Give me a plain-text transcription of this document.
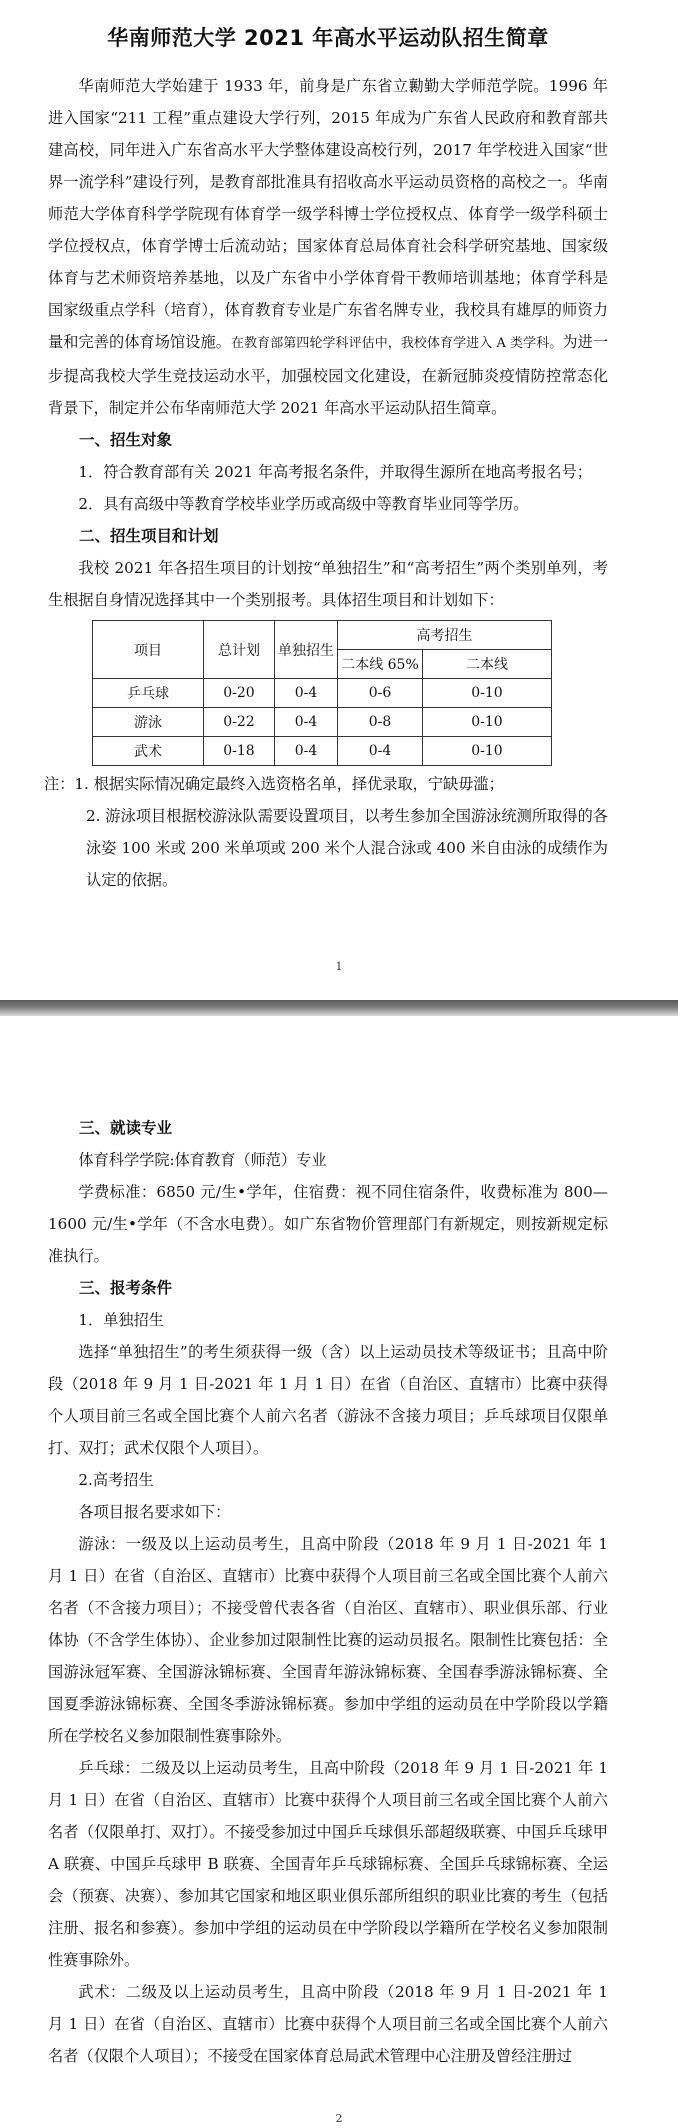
华南师范大学 2021 年高水平运动队招生简章

华南师范大学始建于 1933 年，前身是广东省立勷勤大学师范学院。1996 年进入国家“211 工程”重点建设大学行列，2015 年成为广东省人民政府和教育部共建高校，同年进入广东省高水平大学整体建设高校行列，2017 年学校进入国家“世界一流学科”建设行列，是教育部批准具有招收高水平运动员资格的高校之一。华南师范大学体育科学学院现有体育学一级学科博士学位授权点、体育学一级学科硕士学位授权点，体育学博士后流动站；国家体育总局体育社会科学研究基地、国家级体育与艺术师资培养基地，以及广东省中小学体育骨干教师培训基地；体育学科是国家级重点学科（培育），体育教育专业是广东省名牌专业，我校具有雄厚的师资力量和完善的体育场馆设施。在教育部第四轮学科评估中，我校体育学进入 A 类学科。为进一步提高我校大学生竞技运动水平，加强校园文化建设，在新冠肺炎疫情防控常态化背景下，制定并公布华南师范大学 2021 年高水平运动队招生简章。

一、招生对象

1．符合教育部有关 2021 年高考报名条件，并取得生源所在地高考报名号；

2．具有高级中等教育学校毕业学历或高级中等教育毕业同等学历。

二、招生项目和计划

我校 2021 年各招生项目的计划按“单独招生”和“高考招生”两个类别单列，考生根据自身情况选择其中一个类别报考。具体招生项目和计划如下：

项目	总计划	单独招生	高考招生	
			二本线 65%	二本线
乒乓球	0-20	0-4	0-6	0-10
游泳	0-22	0-4	0-8	0-10
武术	0-18	0-4	0-4	0-10

注：1. 根据实际情况确定最终入选资格名单，择优录取，宁缺毋滥；

2. 游泳项目根据校游泳队需要设置项目，以考生参加全国游泳统测所取得的各泳姿 100 米或 200 米单项或 200 米个人混合泳或 400 米自由泳的成绩作为认定的依据。

1

三、就读专业

体育科学学院:体育教育（师范）专业

学费标准：6850 元/生•学年，住宿费：视不同住宿条件，收费标准为 800—1600 元/生•学年（不含水电费）。如广东省物价管理部门有新规定，则按新规定标准执行。

三、报考条件

1．单独招生

选择“单独招生”的考生须获得一级（含）以上运动员技术等级证书；且高中阶段（2018 年 9 月 1 日-2021 年 1 月 1 日）在省（自治区、直辖市）比赛中获得个人项目前三名或全国比赛个人前六名者（游泳不含接力项目；乒乓球项目仅限单打、双打；武术仅限个人项目）。

2.高考招生

各项目报名要求如下：

游泳：一级及以上运动员考生，且高中阶段（2018 年 9 月 1 日-2021 年 1 月 1 日）在省（自治区、直辖市）比赛中获得个人项目前三名或全国比赛个人前六名者（不含接力项目）；不接受曾代表各省（自治区、直辖市）、职业俱乐部、行业体协（不含学生体协）、企业参加过限制性比赛的运动员报名。限制性比赛包括：全国游泳冠军赛、全国游泳锦标赛、全国青年游泳锦标赛、全国春季游泳锦标赛、全国夏季游泳锦标赛、全国冬季游泳锦标赛。参加中学组的运动员在中学阶段以学籍所在学校名义参加限制性赛事除外。

乒乓球：二级及以上运动员考生，且高中阶段（2018 年 9 月 1 日-2021 年 1 月 1 日）在省（自治区、直辖市）比赛中获得个人项目前三名或全国比赛个人前六名者（仅限单打、双打）。不接受参加过中国乒乓球俱乐部超级联赛、中国乒乓球甲 A 联赛、中国乒乓球甲 B 联赛、全国青年乒乓球锦标赛、全国乒乓球锦标赛、全运会（预赛、决赛）、参加其它国家和地区职业俱乐部所组织的职业比赛的考生（包括注册、报名和参赛）。参加中学组的运动员在中学阶段以学籍所在学校名义参加限制性赛事除外。

武术：二级及以上运动员考生，且高中阶段（2018 年 9 月 1 日-2021 年 1 月 1 日）在省（自治区、直辖市）比赛中获得个人项目前三名或全国比赛个人前六名者（仅限个人项目）；不接受在国家体育总局武术管理中心注册及曾经注册过

2
